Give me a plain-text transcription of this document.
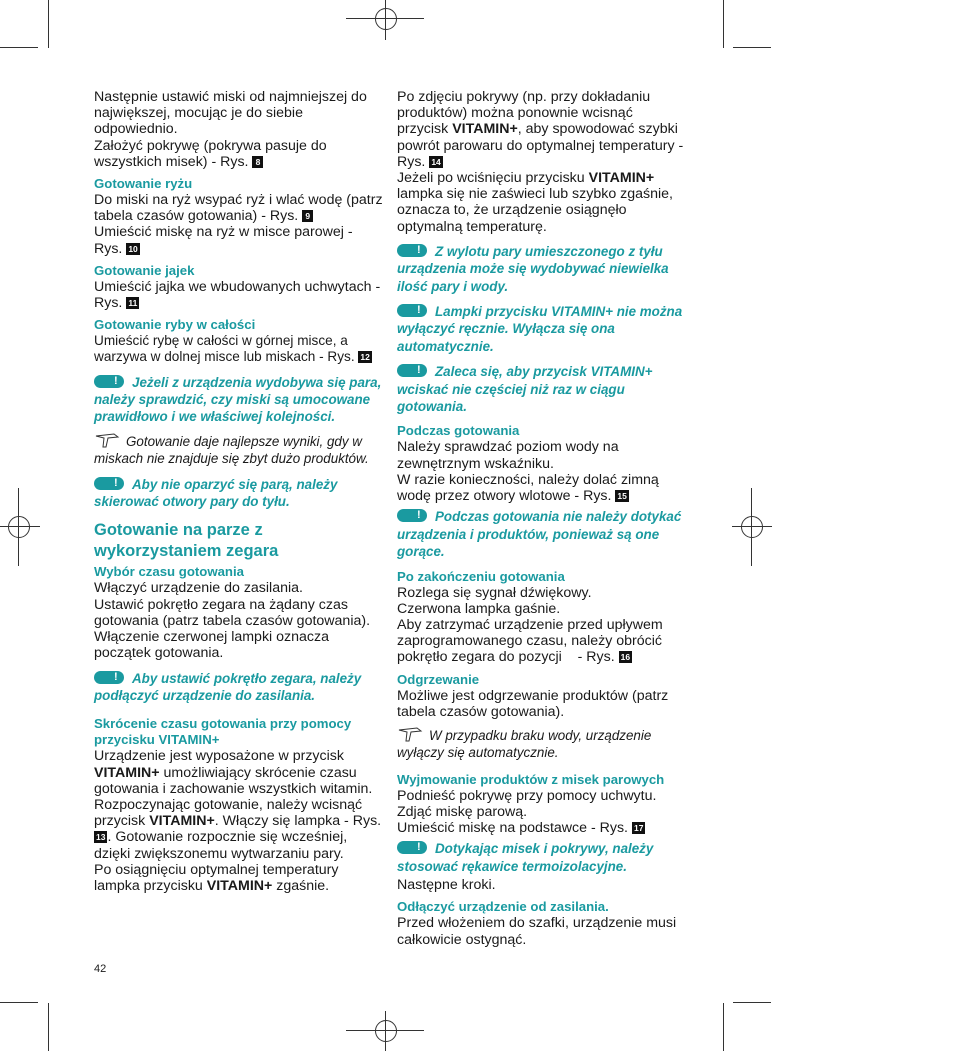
Następnie ustawić miski od najmniejszej do największej, mocując je do siebie odpowiednio.

Założyć pokrywę (pokrywa pasuje do wszystkich misek) - Rys. 8

Gotowanie ryżu

Do miski na ryż wsypać ryż i wlać wodę (patrz tabela czasów gotowania) - Rys. 9

Umieścić miskę na ryż w misce parowej - Rys. 10

Gotowanie jajek

Umieścić jajka we wbudowanych uchwytach - Rys. 11

Gotowanie ryby w całości

Umieścić rybę w całości w górnej misce, a warzywa w dolnej misce lub miskach - Rys. 12

!Jeżeli z urządzenia wydobywa się para, należy sprawdzić, czy miski są umocowane prawidłowo i we właściwej kolejności.

Gotowanie daje najlepsze wyniki, gdy w miskach nie znajduje się zbyt dużo produktów.

!Aby nie oparzyć się parą, należy skierować otwory pary do tyłu.

Gotowanie na parze z wykorzystaniem zegara

Wybór czasu gotowania

Włączyć urządzenie do zasilania.

Ustawić pokrętło zegara na żądany czas gotowania (patrz tabela czasów gotowania).

Włączenie czerwonej lampki oznacza początek gotowania.

!Aby ustawić pokrętło zegara, należy podłączyć urządzenie do zasilania.

Skrócenie czasu gotowania przy pomocy przycisku VITAMIN+

Urządzenie jest wyposażone w przycisk VITAMIN+ umożliwiający skrócenie czasu gotowania i zachowanie wszystkich witamin.

Rozpoczynając gotowanie, należy wcisnąć przycisk VITAMIN+. Włączy się lampka - Rys. 13 . Gotowanie rozpocznie się wcześniej, dzięki zwiększonemu wytwarzaniu pary.

Po osiągnięciu optymalnej temperatury lampka przycisku VITAMIN+ zgaśnie.

Po zdjęciu pokrywy (np. przy dokładaniu produktów) można ponownie wcisnąć przycisk VITAMIN+, aby spowodować szybki powrót parowaru do optymalnej temperatury - Rys. 14

Jeżeli po wciśnięciu przycisku VITAMIN+ lampka się nie zaświeci lub szybko zgaśnie, oznacza to, że urządzenie osiągnęło optymalną temperaturę.

!Z wylotu pary umieszczonego z tyłu urządzenia może się wydobywać niewielka ilość pary i wody.

!Lampki przycisku VITAMIN+ nie można wyłączyć ręcznie. Wyłącza się ona automatycznie.

!Zaleca się, aby przycisk VITAMIN+ wciskać nie częściej niż raz w ciągu gotowania.

Podczas gotowania

Należy sprawdzać poziom wody na zewnętrznym wskaźniku.

W razie konieczności, należy dolać zimną wodę przez otwory wlotowe - Rys. 15

!Podczas gotowania nie należy dotykać urządzenia i produktów, ponieważ są one gorące.

Po zakończeniu gotowania

Rozlega się sygnał dźwiękowy.

Czerwona lampka gaśnie.

Aby zatrzymać urządzenie przed upływem zaprogramowanego czasu, należy obrócić pokrętło zegara do pozycji - Rys. 16

Odgrzewanie

Możliwe jest odgrzewanie produktów (patrz tabela czasów gotowania).

W przypadku braku wody, urządzenie wyłączy się automatycznie.

Wyjmowanie produktów z misek parowych

Podnieść pokrywę przy pomocy uchwytu.

Zdjąć miskę parową.

Umieścić miskę na podstawce - Rys. 17

!Dotykając misek i pokrywy, należy stosować rękawice termoizolacyjne.

Następne kroki.

Odłączyć urządzenie od zasilania.

Przed włożeniem do szafki, urządzenie musi całkowicie ostygnąć.

42
